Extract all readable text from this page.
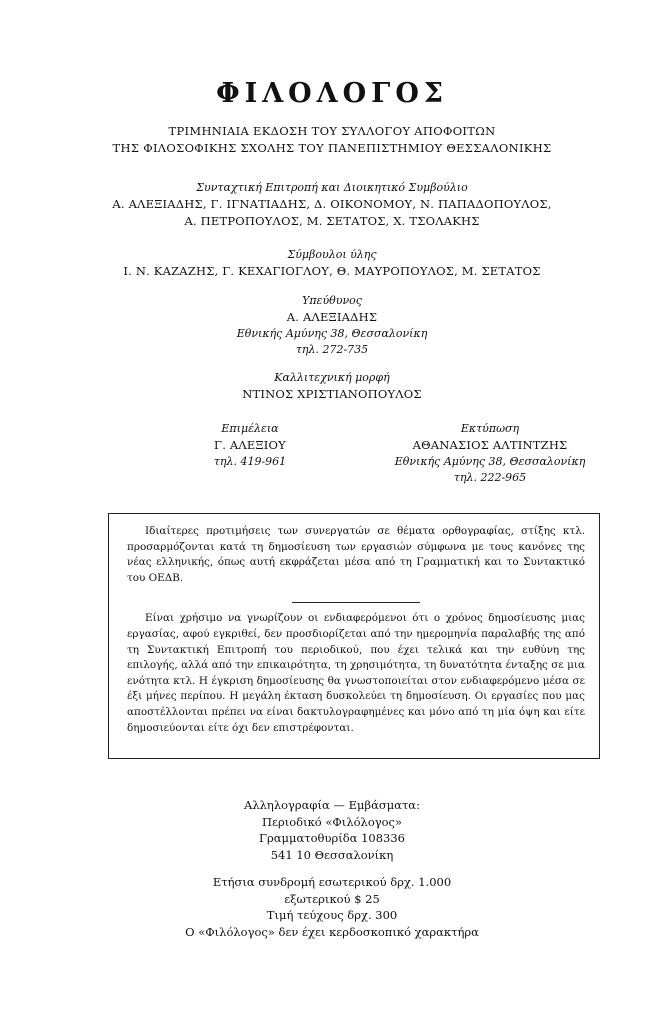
ΦΙΛΟΛΟΓΟΣ
ΤΡΙΜΗΝΙΑΙΑ ΕΚΔΟΣΗ ΤΟΥ ΣΥΛΛΟΓΟΥ ΑΠΟΦΟΙΤΩΝ
ΤΗΣ ΦΙΛΟΣΟΦΙΚΗΣ ΣΧΟΛΗΣ ΤΟΥ ΠΑΝΕΠΙΣΤΗΜΙΟΥ ΘΕΣΣΑΛΟΝΙΚΗΣ
Συνταχτική Επιτροπή και Διοικητικό Συμβούλιο
Α. ΑΛΕΞΙΑΔΗΣ, Γ. ΙΓΝΑΤΙΑΔΗΣ, Δ. ΟΙΚΟΝΟΜΟΥ, Ν. ΠΑΠΑΔΟΠΟΥΛΟΣ,
Α. ΠΕΤΡΟΠΟΥΛΟΣ, Μ. ΣΕΤΑΤΟΣ, Χ. ΤΣΟΛΑΚΗΣ
Σύμβουλοι ύλης
Ι. Ν. ΚΑΖΑΖΗΣ, Γ. ΚΕΧΑΓΙΟΓΛΟΥ, Θ. ΜΑΥΡΟΠΟΥΛΟΣ, Μ. ΣΕΤΑΤΟΣ
Υπεύθυνος
Α. ΑΛΕΞΙΑΔΗΣ
Εθνικής Αμύνης 38, Θεσσαλονίκη
τηλ. 272-735
Καλλιτεχνική μορφή
ΝΤΙΝΟΣ ΧΡΙΣΤΙΑΝΟΠΟΥΛΟΣ
Επιμέλεια
Γ. ΑΛΕΞΙΟΥ
τηλ. 419-961
Εκτύπωση
ΑΘΑΝΑΣΙΟΣ ΑΛΤΙΝΤΖΗΣ
Εθνικής Αμύνης 38, Θεσσαλονίκη
τηλ. 222-965

Ιδιαίτερες προτιμήσεις των συνεργατών σε θέματα ορθογραφίας, στίξης κτλ. προσαρμόζονται κατά τη δημοσίευση των εργασιών σύμφωνα με τους κανόνες της νέας ελληνικής, όπως αυτή εκφράζεται μέσα από τη Γραμματική και το Συντακτικό του ΟΕΔΒ.

Είναι χρήσιμο να γνωρίζουν οι ενδιαφερόμενοι ότι ο χρόνος δημοσίευσης μιας εργασίας, αφού εγκριθεί, δεν προσδιορίζεται από την ημερομηνία παραλαβής της από τη Συντακτική Επιτροπή του περιοδικού, που έχει τελικά και την ευθύνη της επιλογής, αλλά από την επικαιρότητα, τη χρησιμότητα, τη δυνατότητα ένταξης σε μια ενότητα κτλ. Η έγκριση δημοσίευσης θα γνωστοποιείται στον ενδιαφερόμενο μέσα σε έξι μήνες περίπου. Η μεγάλη έκταση δυσκολεύει τη δημοσίευση. Οι εργασίες που μας αποστέλλονται πρέπει να είναι δακτυλογραφημένες και μόνο από τη μία όψη και είτε δημοσιεύονται είτε όχι δεν επιστρέφονται.

Αλληλογραφία — Εμβάσματα:
Περιοδικό «Φιλόλογος»
Γραμματοθυρίδα 108336
541 10 Θεσσαλονίκη
Ετήσια συνδρομή εσωτερικού δρχ. 1.000
εξωτερικού $ 25
Τιμή τεύχους δρχ. 300
Ο «Φιλόλογος» δεν έχει κερδοσκοπικό χαρακτήρα
